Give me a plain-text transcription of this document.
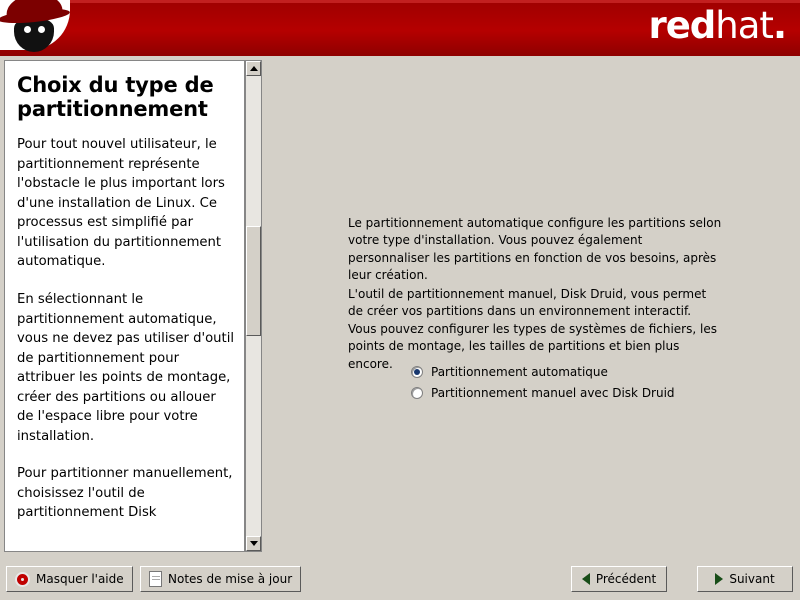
redhat.
Choix du type de partitionnement

Pour tout nouvel utilisateur, le partitionnement représente l'obstacle le plus important lors d'une installation de Linux. Ce processus est simplifié par l'utilisation du partitionnement automatique.

En sélectionnant le partitionnement automatique, vous ne devez pas utiliser d'outil de partitionnement pour attribuer les points de montage, créer des partitions ou allouer de l'espace libre pour votre installation.

Pour partitionner manuellement, choisissez l'outil de partitionnement Disk

Le partitionnement automatique configure les partitions selon votre type d'installation. Vous pouvez également personnaliser les partitions en fonction de vos besoins, après leur création.
L'outil de partitionnement manuel, Disk Druid, vous permet de créer vos partitions dans un environnement interactif. Vous pouvez configurer les types de systèmes de fichiers, les points de montage, les tailles de partitions et bien plus encore.
Partitionnement automatique
Partitionnement manuel avec Disk Druid
Masquer l'aide	Notes de mise à jour	Précédent	Suivant
